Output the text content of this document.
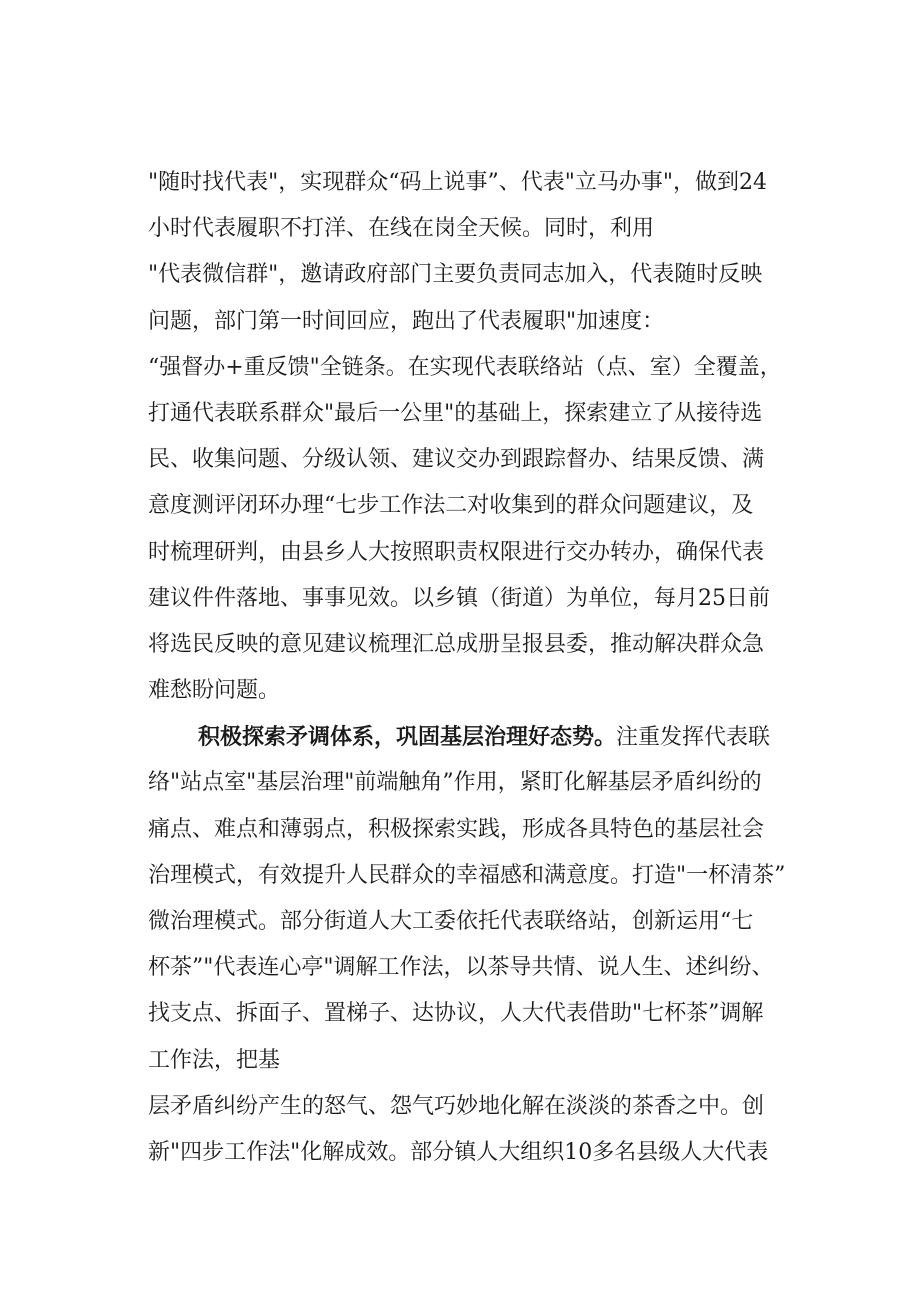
"随时找代表"，实现群众“码上说事”、代表"立马办事"，做到24
小时代表履职不打洋、在线在岗全天候。同时，利用
"代表微信群"，邀请政府部门主要负责同志加入，代表随时反映
问题，部门第一时间回应，跑出了代表履职"加速度：
“强督办+重反馈"全链条。在实现代表联络站（点、室）全覆盖，
打通代表联系群众"最后一公里"的基础上，探索建立了从接待选
民、收集问题、分级认领、建议交办到跟踪督办、结果反馈、满
意度测评闭环办理“七步工作法二对收集到的群众问题建议，及
时梳理研判，由县乡人大按照职责权限进行交办转办，确保代表
建议件件落地、事事见效。以乡镇（街道）为单位，每月25日前
将选民反映的意见建议梳理汇总成册呈报县委，推动解决群众急
难愁盼问题。
积极探索矛调体系，巩固基层治理好态势。注重发挥代表联
络"站点室"基层治理"前端触角”作用，紧盯化解基层矛盾纠纷的
痛点、难点和薄弱点，积极探索实践，形成各具特色的基层社会
治理模式，有效提升人民群众的幸福感和满意度。打造"一杯清茶”
微治理模式。部分街道人大工委依托代表联络站，创新运用“七
杯茶”"代表连心亭"调解工作法，以茶导共情、说人生、述纠纷、
找支点、拆面子、置梯子、达协议，人大代表借助"七杯茶”调解
工作法，把基
层矛盾纠纷产生的怒气、怨气巧妙地化解在淡淡的茶香之中。创
新"四步工作法"化解成效。部分镇人大组织10多名县级人大代表
